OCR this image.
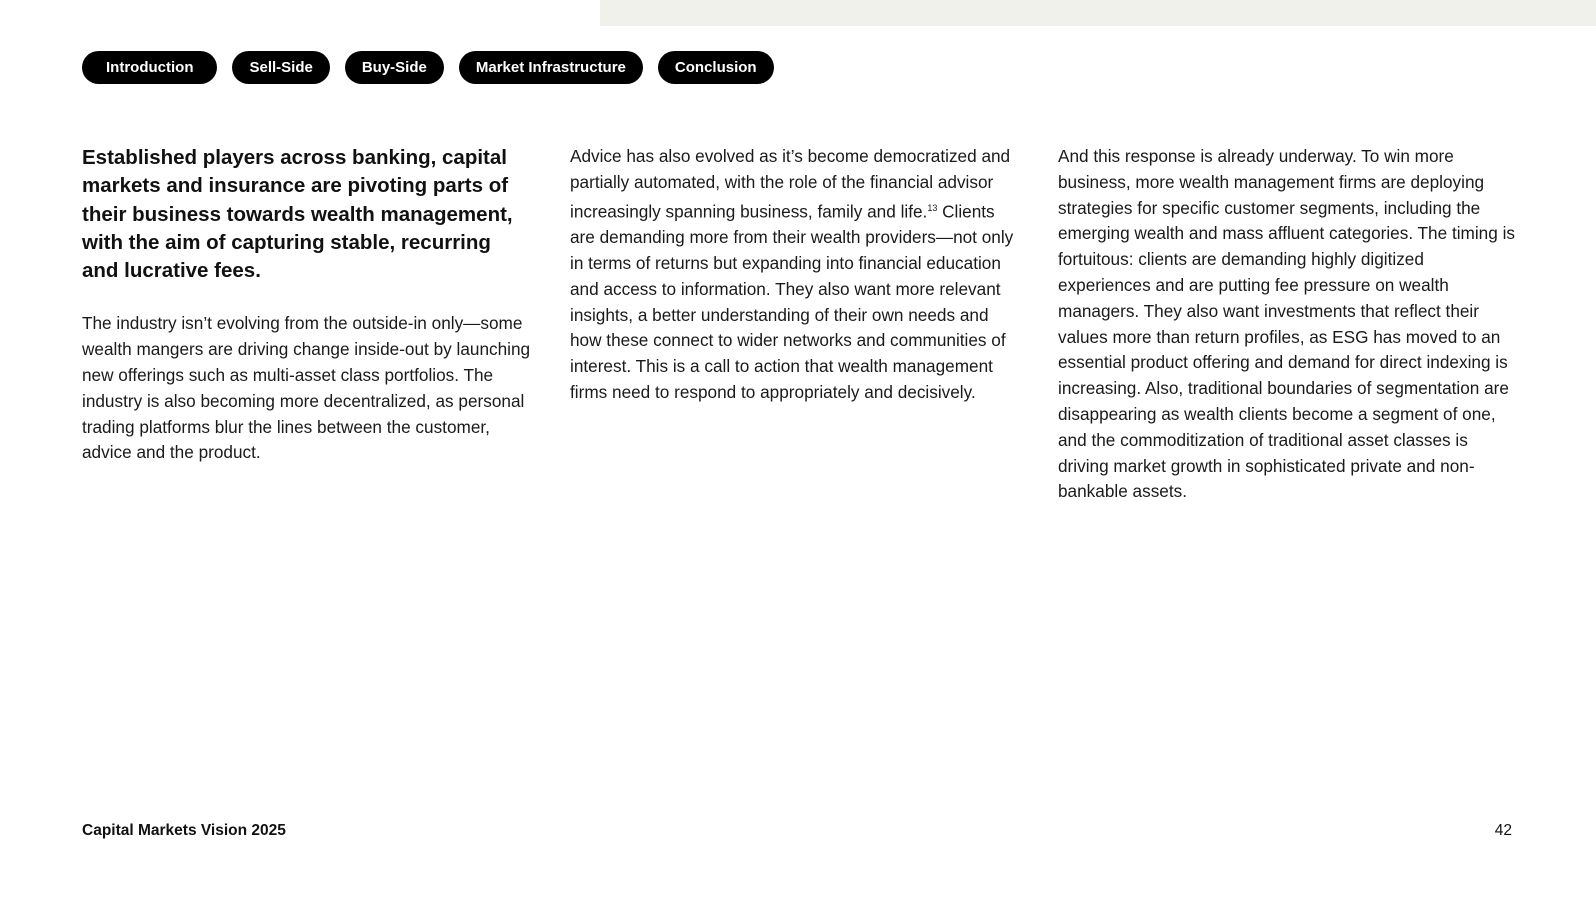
Introduction	Sell-Side	Buy-Side	Market Infrastructure	Conclusion

Established players across banking, capital markets and insurance are pivoting parts of their business towards wealth management, with the aim of capturing stable, recurring and lucrative fees.

The industry isn’t evolving from the outside-in only—some wealth mangers are driving change inside-out by launching new offerings such as multi-asset class portfolios. The industry is also becoming more decentralized, as personal trading platforms blur the lines between the customer, advice and the product.

Advice has also evolved as it’s become democratized and partially automated, with the role of the financial advisor increasingly spanning business, family and life.$^{13}$ Clients are demanding more from their wealth providers—not only in terms of returns but expanding into financial education and access to information. They also want more relevant insights, a better understanding of their own needs and how these connect to wider networks and communities of interest. This is a call to action that wealth management firms need to respond to appropriately and decisively.

And this response is already underway. To win more business, more wealth management firms are deploying strategies for specific customer segments, including the emerging wealth and mass affluent categories. The timing is fortuitous: clients are demanding highly digitized experiences and are putting fee pressure on wealth managers. They also want investments that reflect their values more than return profiles, as ESG has moved to an essential product offering and demand for direct indexing is increasing. Also, traditional boundaries of segmentation are disappearing as wealth clients become a segment of one, and the commoditization of traditional asset classes is driving market growth in sophisticated private and non-bankable assets.

Capital Markets Vision 2025	42
